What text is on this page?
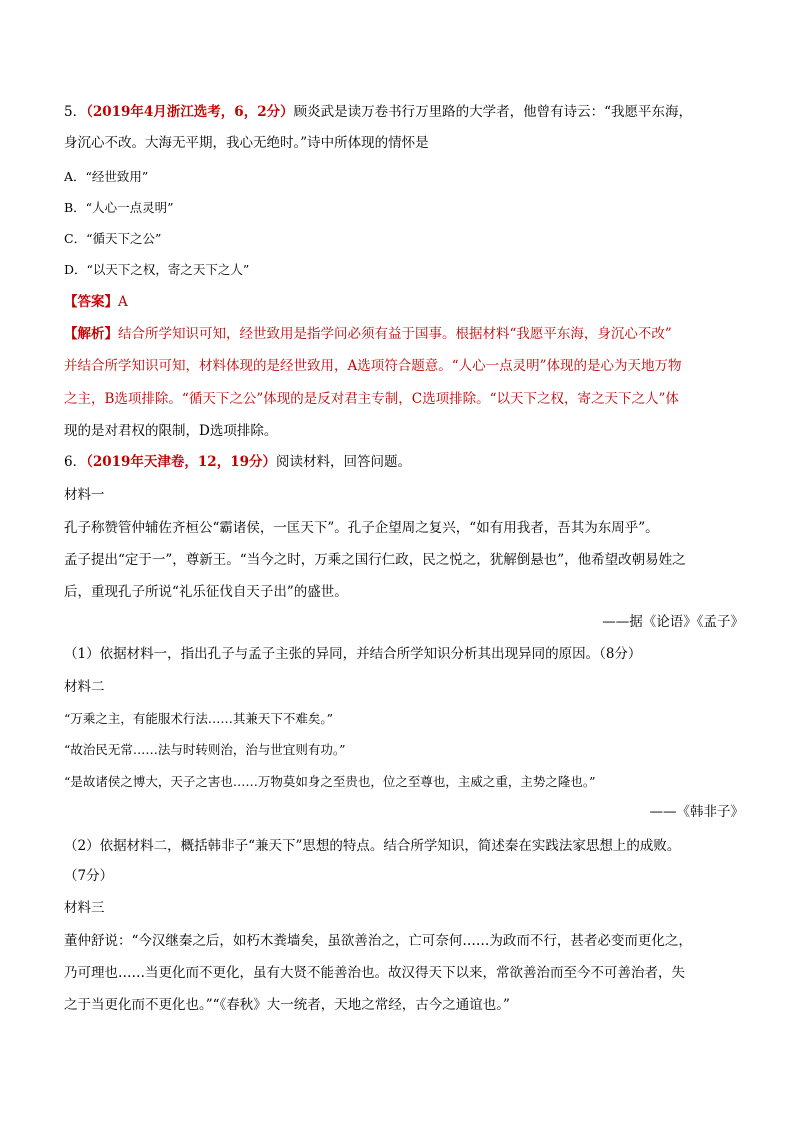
5．（2019年4月浙江选考，6，2分）顾炎武是读万卷书行万里路的大学者，他曾有诗云：“我愿平东海，
身沉心不改。大海无平期，我心无绝时。”诗中所体现的情怀是
A．“经世致用”
B．“人心一点灵明”
C．“循天下之公”
D．“以天下之权，寄之天下之人”
【答案】A
【解析】结合所学知识可知，经世致用是指学问必须有益于国事。根据材料“我愿平东海，身沉心不改”
并结合所学知识可知，材料体现的是经世致用，A选项符合题意。“人心一点灵明”体现的是心为天地万物
之主，B选项排除。“循天下之公”体现的是反对君主专制，C选项排除。“以天下之权，寄之天下之人”体
现的是对君权的限制，D选项排除。
6．（2019年天津卷，12，19分）阅读材料，回答问题。
材料一
孔子称赞管仲辅佐齐桓公“霸诸侯，一匡天下”。孔子企望周之复兴，“如有用我者，吾其为东周乎”。
孟子提出“定于一”，尊新王。“当今之时，万乘之国行仁政，民之悦之，犹解倒悬也”，他希望改朝易姓之
后，重现孔子所说“礼乐征伐自天子出”的盛世。
——据《论语》《孟子》
（1）依据材料一，指出孔子与孟子主张的异同，并结合所学知识分析其出现异同的原因。（8分）
材料二
“万乘之主，有能服术行法……其兼天下不难矣。”
“故治民无常……法与时转则治，治与世宜则有功。”
“是故诸侯之博大，天子之害也……万物莫如身之至贵也，位之至尊也，主威之重，主势之隆也。”
——《韩非子》
（2）依据材料二，概括韩非子“兼天下”思想的特点。结合所学知识，简述秦在实践法家思想上的成败。
（7分）
材料三
董仲舒说：“今汉继秦之后，如朽木粪墙矣，虽欲善治之，亡可奈何……为政而不行，甚者必变而更化之，
乃可理也……当更化而不更化，虽有大贤不能善治也。故汉得天下以来，常欲善治而至今不可善治者，失
之于当更化而不更化也。”“《春秋》大一统者，天地之常经，古今之通谊也。”
